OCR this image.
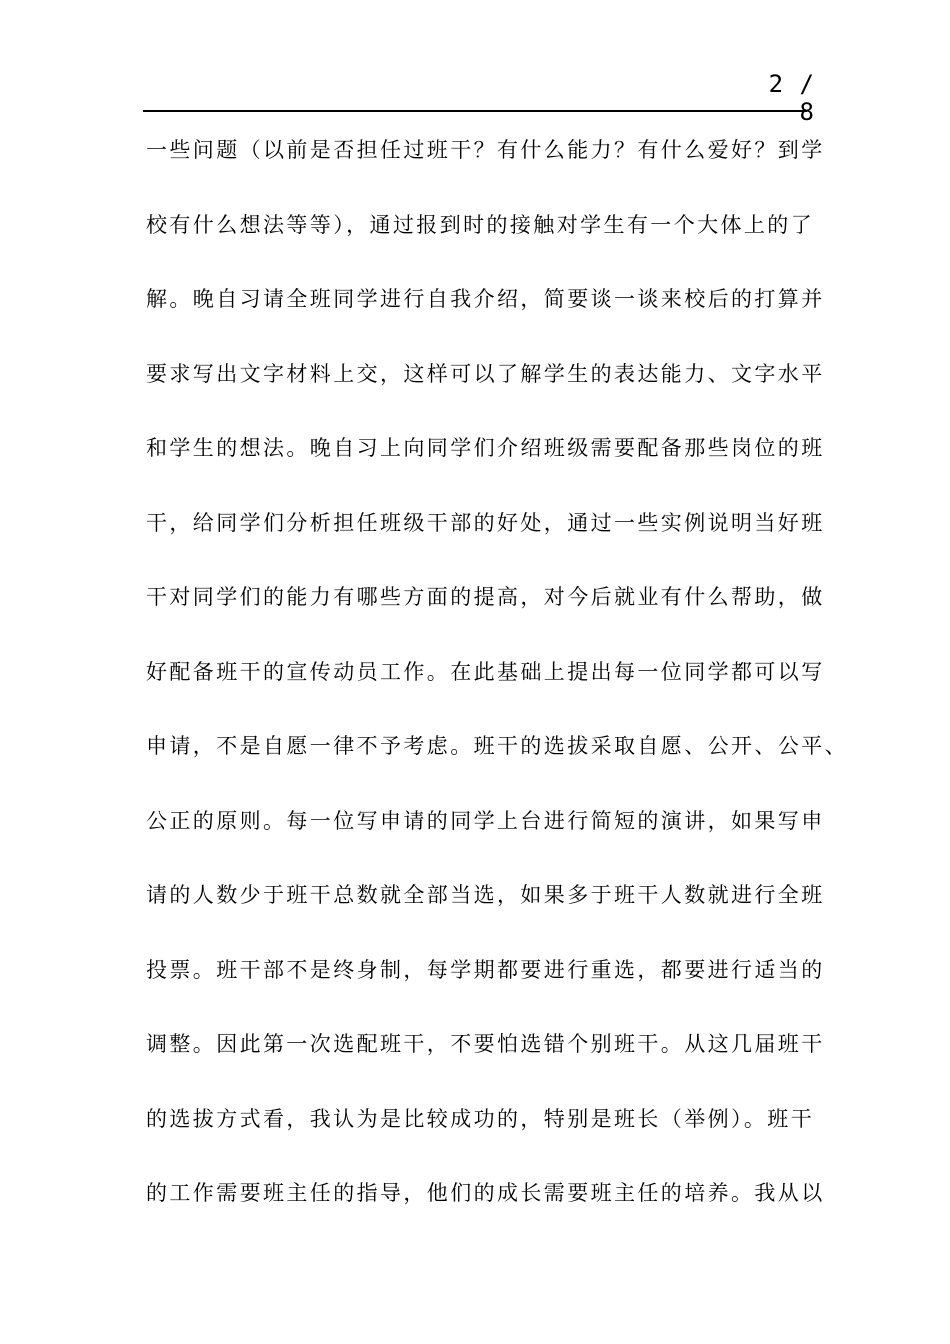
2 / 8
一些问题（以前是否担任过班干？有什么能力？有什么爱好？到学
校有什么想法等等），通过报到时的接触对学生有一个大体上的了
解。晚自习请全班同学进行自我介绍，简要谈一谈来校后的打算并
要求写出文字材料上交，这样可以了解学生的表达能力、文字水平
和学生的想法。晚自习上向同学们介绍班级需要配备那些岗位的班
干，给同学们分析担任班级干部的好处，通过一些实例说明当好班
干对同学们的能力有哪些方面的提高，对今后就业有什么帮助，做
好配备班干的宣传动员工作。在此基础上提出每一位同学都可以写
申请，不是自愿一律不予考虑。班干的选拔采取自愿、公开、公平、
公正的原则。每一位写申请的同学上台进行简短的演讲，如果写申
请的人数少于班干总数就全部当选，如果多于班干人数就进行全班
投票。班干部不是终身制，每学期都要进行重选，都要进行适当的
调整。因此第一次选配班干，不要怕选错个别班干。从这几届班干
的选拔方式看，我认为是比较成功的，特别是班长（举例）。班干
的工作需要班主任的指导，他们的成长需要班主任的培养。我从以
